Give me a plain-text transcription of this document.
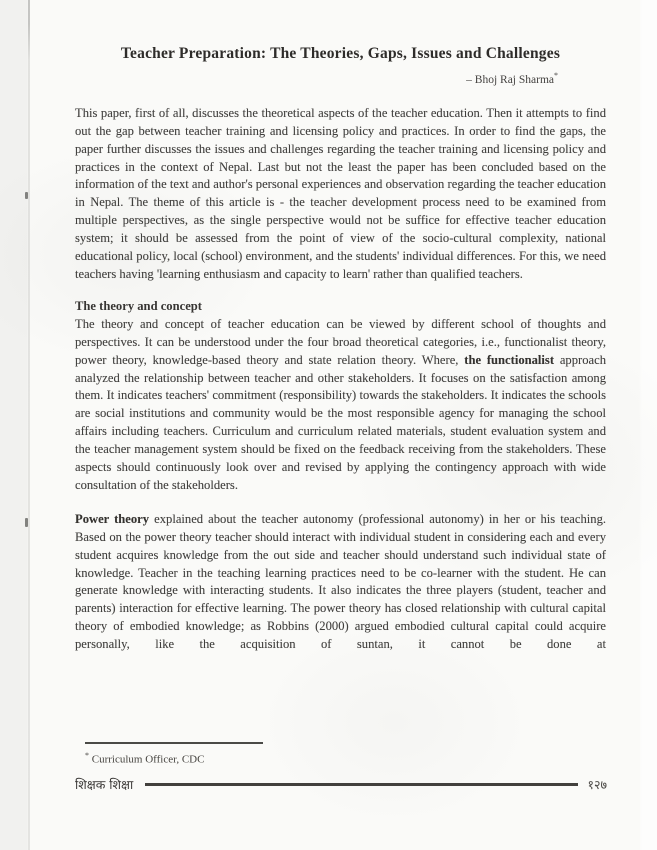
Teacher Preparation: The Theories, Gaps, Issues and Challenges
– Bhoj Raj Sharma*

This paper, first of all, discusses the theoretical aspects of the teacher education. Then it attempts to find out the gap between teacher training and licensing policy and practices. In order to find the gaps, the paper further discusses the issues and challenges regarding the teacher training and licensing policy and practices in the context of Nepal. Last but not the least the paper has been concluded based on the information of the text and author's personal experiences and observation regarding the teacher education in Nepal. The theme of this article is - the teacher development process need to be examined from multiple perspectives, as the single perspective would not be suffice for effective teacher education system; it should be assessed from the point of view of the socio-cultural complexity, national educational policy, local (school) environment, and the students' individual differences. For this, we need teachers having 'learning enthusiasm and capacity to learn' rather than qualified teachers.

The theory and concept

The theory and concept of teacher education can be viewed by different school of thoughts and perspectives. It can be understood under the four broad theoretical categories, i.e., functionalist theory, power theory, knowledge-based theory and state relation theory. Where, the functionalist approach analyzed the relationship between teacher and other stakeholders. It focuses on the satisfaction among them. It indicates teachers' commitment (responsibility) towards the stakeholders. It indicates the schools are social institutions and community would be the most responsible agency for managing the school affairs including teachers. Curriculum and curriculum related materials, student evaluation system and the teacher management system should be fixed on the feedback receiving from the stakeholders. These aspects should continuously look over and revised by applying the contingency approach with wide consultation of the stakeholders.

Power theory explained about the teacher autonomy (professional autonomy) in her or his teaching. Based on the power theory teacher should interact with individual student in considering each and every student acquires knowledge from the out side and teacher should understand such individual state of knowledge. Teacher in the teaching learning practices need to be co-learner with the student. He can generate knowledge with interacting students. It also indicates the three players (student, teacher and parents) interaction for effective learning. The power theory has closed relationship with cultural capital theory of embodied knowledge; as Robbins (2000) argued embodied cultural capital could acquire personally, like the acquisition of suntan, it cannot be done at

* Curriculum Officer, CDC
शिक्षक शिक्षा	१२७
